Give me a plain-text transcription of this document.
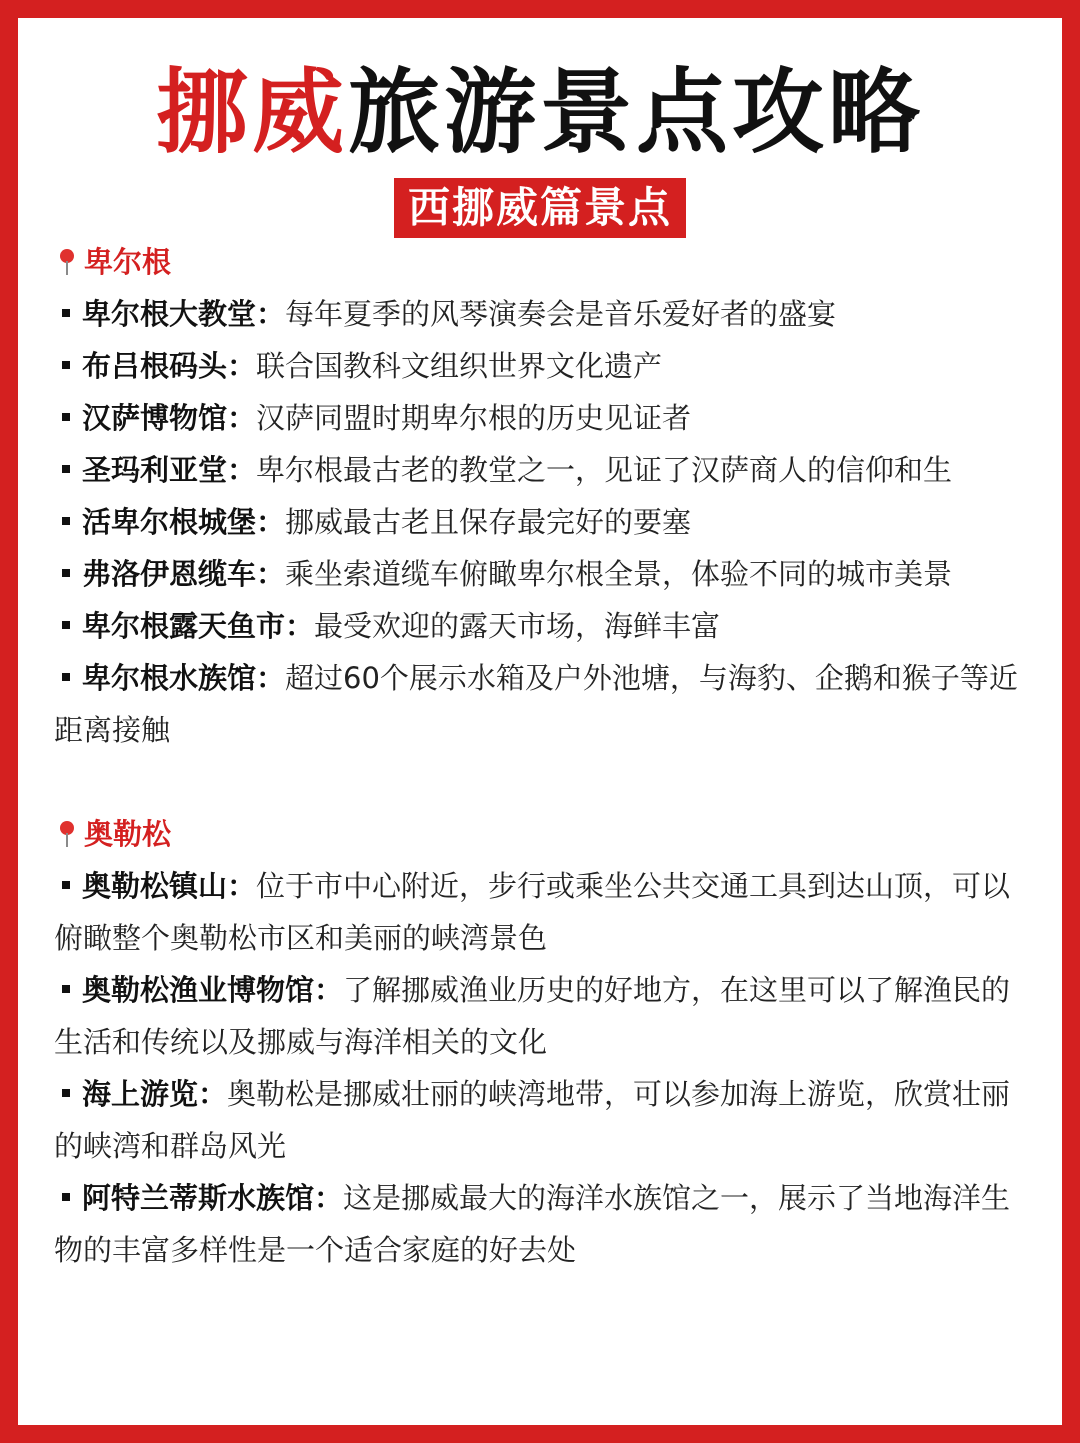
挪威旅游景点攻略
西挪威篇景点
卑尔根
卑尔根大教堂：每年夏季的风琴演奏会是音乐爱好者的盛宴
布吕根码头：联合国教科文组织世界文化遗产
汉萨博物馆：汉萨同盟时期卑尔根的历史见证者
圣玛利亚堂：卑尔根最古老的教堂之一，见证了汉萨商人的信仰和生
活卑尔根城堡：挪威最古老且保存最完好的要塞
弗洛伊恩缆车：乘坐索道缆车俯瞰卑尔根全景，体验不同的城市美景
卑尔根露天鱼市：最受欢迎的露天市场，海鲜丰富
卑尔根水族馆：超过60个展示水箱及户外池塘，与海豹、企鹅和猴子等近距离接触
奥勒松
奥勒松镇山：位于市中心附近，步行或乘坐公共交通工具到达山顶，可以俯瞰整个奥勒松市区和美丽的峡湾景色
奥勒松渔业博物馆：了解挪威渔业历史的好地方，在这里可以了解渔民的生活和传统以及挪威与海洋相关的文化
海上游览：奥勒松是挪威壮丽的峡湾地带，可以参加海上游览，欣赏壮丽的峡湾和群岛风光
阿特兰蒂斯水族馆：这是挪威最大的海洋水族馆之一，展示了当地海洋生物的丰富多样性是一个适合家庭的好去处
